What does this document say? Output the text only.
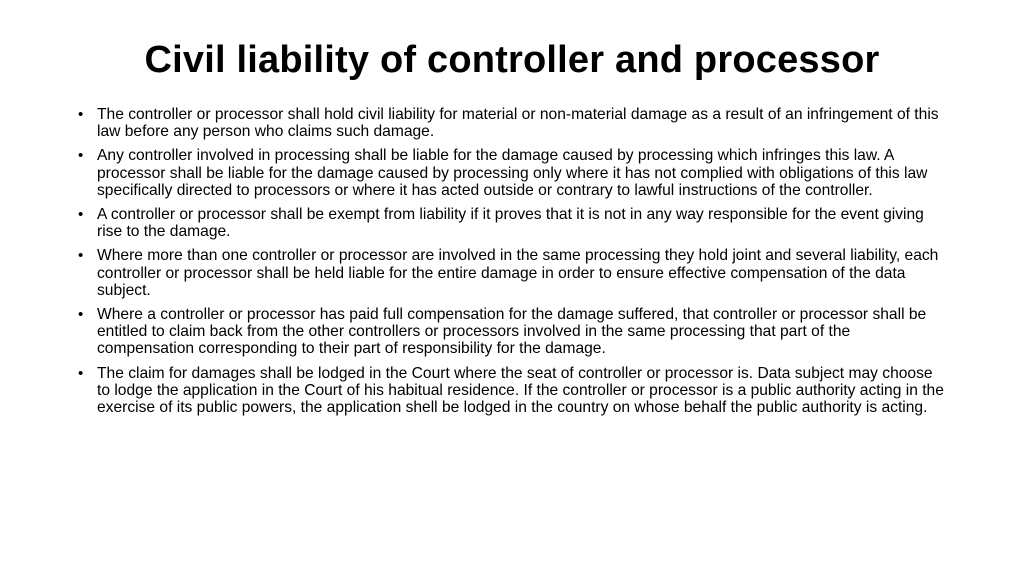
Civil liability of controller and processor
• The controller or processor shall hold civil liability for material or non-material damage as a result of an infringement of this law before any person who claims such damage.
• Any controller involved in processing shall be liable for the damage caused by processing which infringes this law. A processor shall be liable for the damage caused by processing only where it has not complied with obligations of this law specifically directed to processors or where it has acted outside or contrary to lawful instructions of the controller.
• A controller or processor shall be exempt from liability if it proves that it is not in any way responsible for the event giving rise to the damage.
• Where more than one controller or processor are involved in the same processing they hold joint and several liability, each controller or processor shall be held liable for the entire damage in order to ensure effective compensation of the data subject.
• Where a controller or processor has paid full compensation for the damage suffered, that controller or processor shall be entitled to claim back from the other controllers or processors involved in the same processing that part of the compensation corresponding to their part of responsibility for the damage.
• The claim for damages shall be lodged in the Court where the seat of controller or processor is. Data subject may choose to lodge the application in the Court of his habitual residence. If the controller or processor is a public authority acting in the exercise of its public powers, the application shell be lodged in the country on whose behalf the public authority is acting.
